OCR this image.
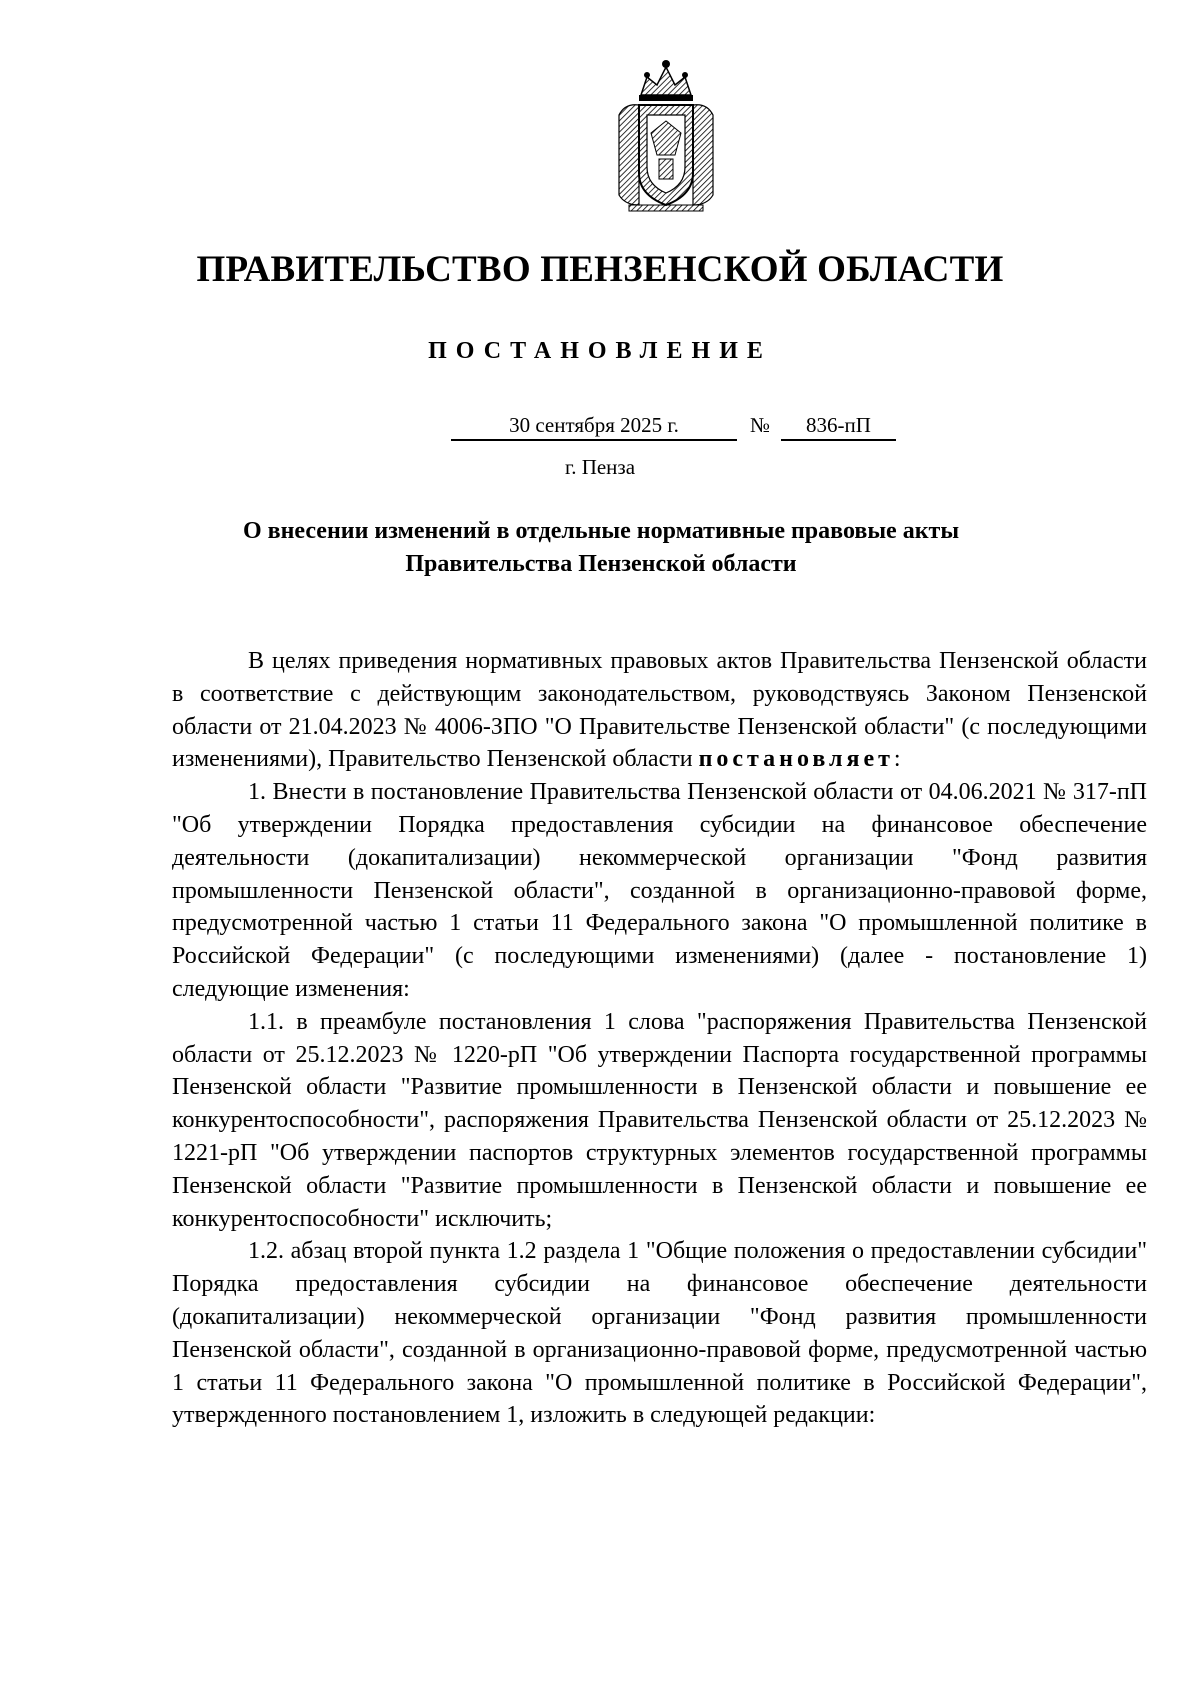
ПРАВИТЕЛЬСТВО ПЕНЗЕНСКОЙ ОБЛАСТИ
ПОСТАНОВЛЕНИЕ
30 сентября 2025 г.	№	836-пП
г. Пенза
О внесении изменений в отдельные нормативные правовые акты
Правительства Пензенской области

В целях приведения нормативных правовых актов Правительства Пензенской области в соответствие с действующим законодательством, руководствуясь Законом Пензенской области от 21.04.2023 № 4006-ЗПО "О Правительстве Пензенской области" (с последующими изменениями), Правительство Пензенской области постановляет:

1. Внести в постановление Правительства Пензенской области от 04.06.2021 № 317-пП "Об утверждении Порядка предоставления субсидии на финансовое обеспечение деятельности (докапитализации) некоммерческой организации "Фонд развития промышленности Пензенской области", созданной в организационно-правовой форме, предусмотренной частью 1 статьи 11 Федерального закона "О промышленной политике в Российской Федерации" (с последующими изменениями) (далее - постановление 1) следующие изменения:

1.1. в преамбуле постановления 1 слова "распоряжения Правительства Пензенской области от 25.12.2023 № 1220-рП "Об утверждении Паспорта государственной программы Пензенской области "Развитие промышленности в Пензенской области и повышение ее конкурентоспособности", распоряжения Правительства Пензенской области от 25.12.2023 № 1221-рП "Об утверждении паспортов структурных элементов государственной программы Пензенской области "Развитие промышленности в Пензенской области и повышение ее конкурентоспособности" исключить;

1.2. абзац второй пункта 1.2 раздела 1 "Общие положения о предоставлении субсидии" Порядка предоставления субсидии на финансовое обеспечение деятельности (докапитализации) некоммерческой организации "Фонд развития промышленности Пензенской области", созданной в организационно-правовой форме, предусмотренной частью 1 статьи 11 Федерального закона "О промышленной политике в Российской Федерации", утвержденного постановлением 1, изложить в следующей редакции:
